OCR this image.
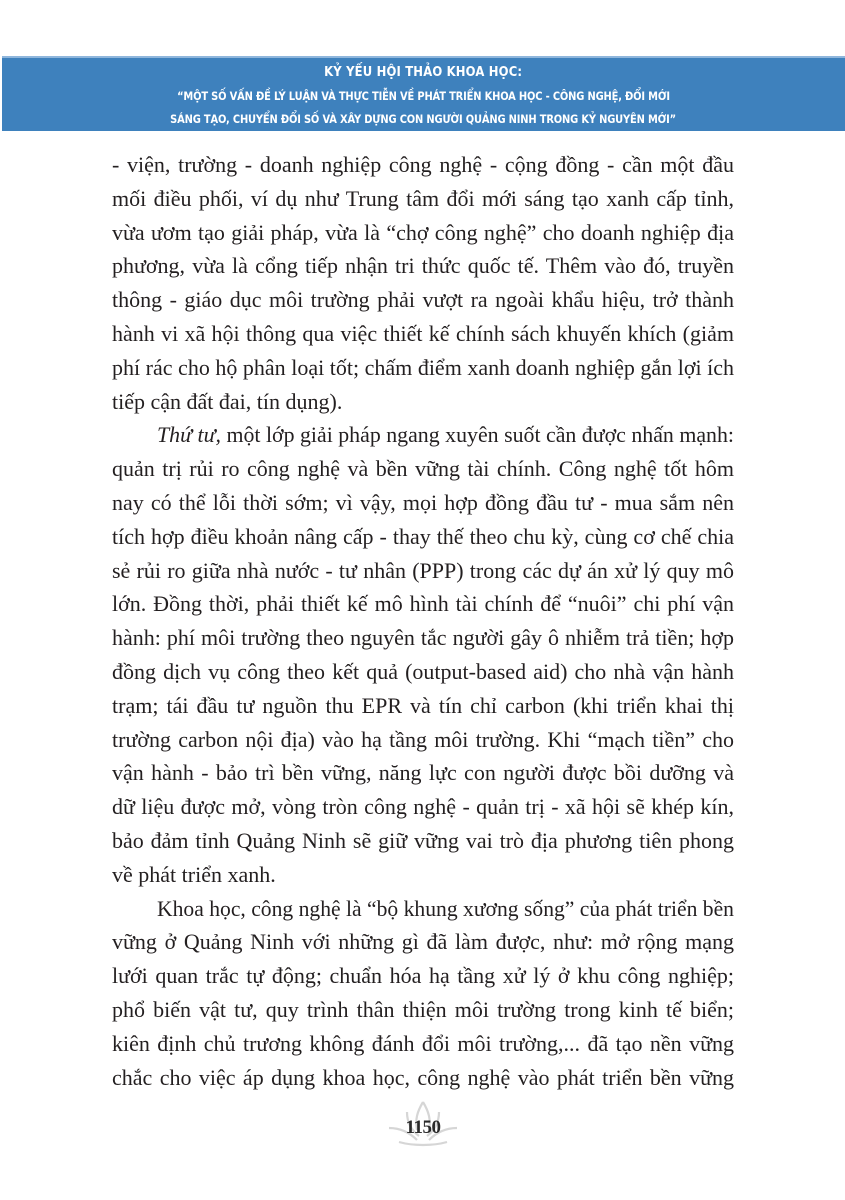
KỶ YẾU HỘI THẢO KHOA HỌC:
“MỘT SỐ VẤN ĐỀ LÝ LUẬN VÀ THỰC TIỄN VỀ PHÁT TRIỂN KHOA HỌC - CÔNG NGHỆ, ĐỔI MỚI
SÁNG TẠO, CHUYỂN ĐỔI SỐ VÀ XÂY DỰNG CON NGƯỜI QUẢNG NINH TRONG KỶ NGUYÊN MỚI”
- viện, trường - doanh nghiệp công nghệ - cộng đồng - cần một đầu
mối điều phối, ví dụ như Trung tâm đổi mới sáng tạo xanh cấp tỉnh,
vừa ươm tạo giải pháp, vừa là “chợ công nghệ” cho doanh nghiệp địa
phương, vừa là cổng tiếp nhận tri thức quốc tế. Thêm vào đó, truyền
thông - giáo dục môi trường phải vượt ra ngoài khẩu hiệu, trở thành
hành vi xã hội thông qua việc thiết kế chính sách khuyến khích (giảm
phí rác cho hộ phân loại tốt; chấm điểm xanh doanh nghiệp gắn lợi ích
tiếp cận đất đai, tín dụng).
Thứ tư, một lớp giải pháp ngang xuyên suốt cần được nhấn mạnh:
quản trị rủi ro công nghệ và bền vững tài chính. Công nghệ tốt hôm
nay có thể lỗi thời sớm; vì vậy, mọi hợp đồng đầu tư - mua sắm nên
tích hợp điều khoản nâng cấp - thay thế theo chu kỳ, cùng cơ chế chia
sẻ rủi ro giữa nhà nước - tư nhân (PPP) trong các dự án xử lý quy mô
lớn. Đồng thời, phải thiết kế mô hình tài chính để “nuôi” chi phí vận
hành: phí môi trường theo nguyên tắc người gây ô nhiễm trả tiền; hợp
đồng dịch vụ công theo kết quả (output-based aid) cho nhà vận hành
trạm; tái đầu tư nguồn thu EPR và tín chỉ carbon (khi triển khai thị
trường carbon nội địa) vào hạ tầng môi trường. Khi “mạch tiền” cho
vận hành - bảo trì bền vững, năng lực con người được bồi dưỡng và
dữ liệu được mở, vòng tròn công nghệ - quản trị - xã hội sẽ khép kín,
bảo đảm tỉnh Quảng Ninh sẽ giữ vững vai trò địa phương tiên phong
về phát triển xanh.
Khoa học, công nghệ là “bộ khung xương sống” của phát triển bền
vững ở Quảng Ninh với những gì đã làm được, như: mở rộng mạng
lưới quan trắc tự động; chuẩn hóa hạ tầng xử lý ở khu công nghiệp;
phổ biến vật tư, quy trình thân thiện môi trường trong kinh tế biển;
kiên định chủ trương không đánh đổi môi trường,... đã tạo nền vững
chắc cho việc áp dụng khoa học, công nghệ vào phát triển bền vững
1150
